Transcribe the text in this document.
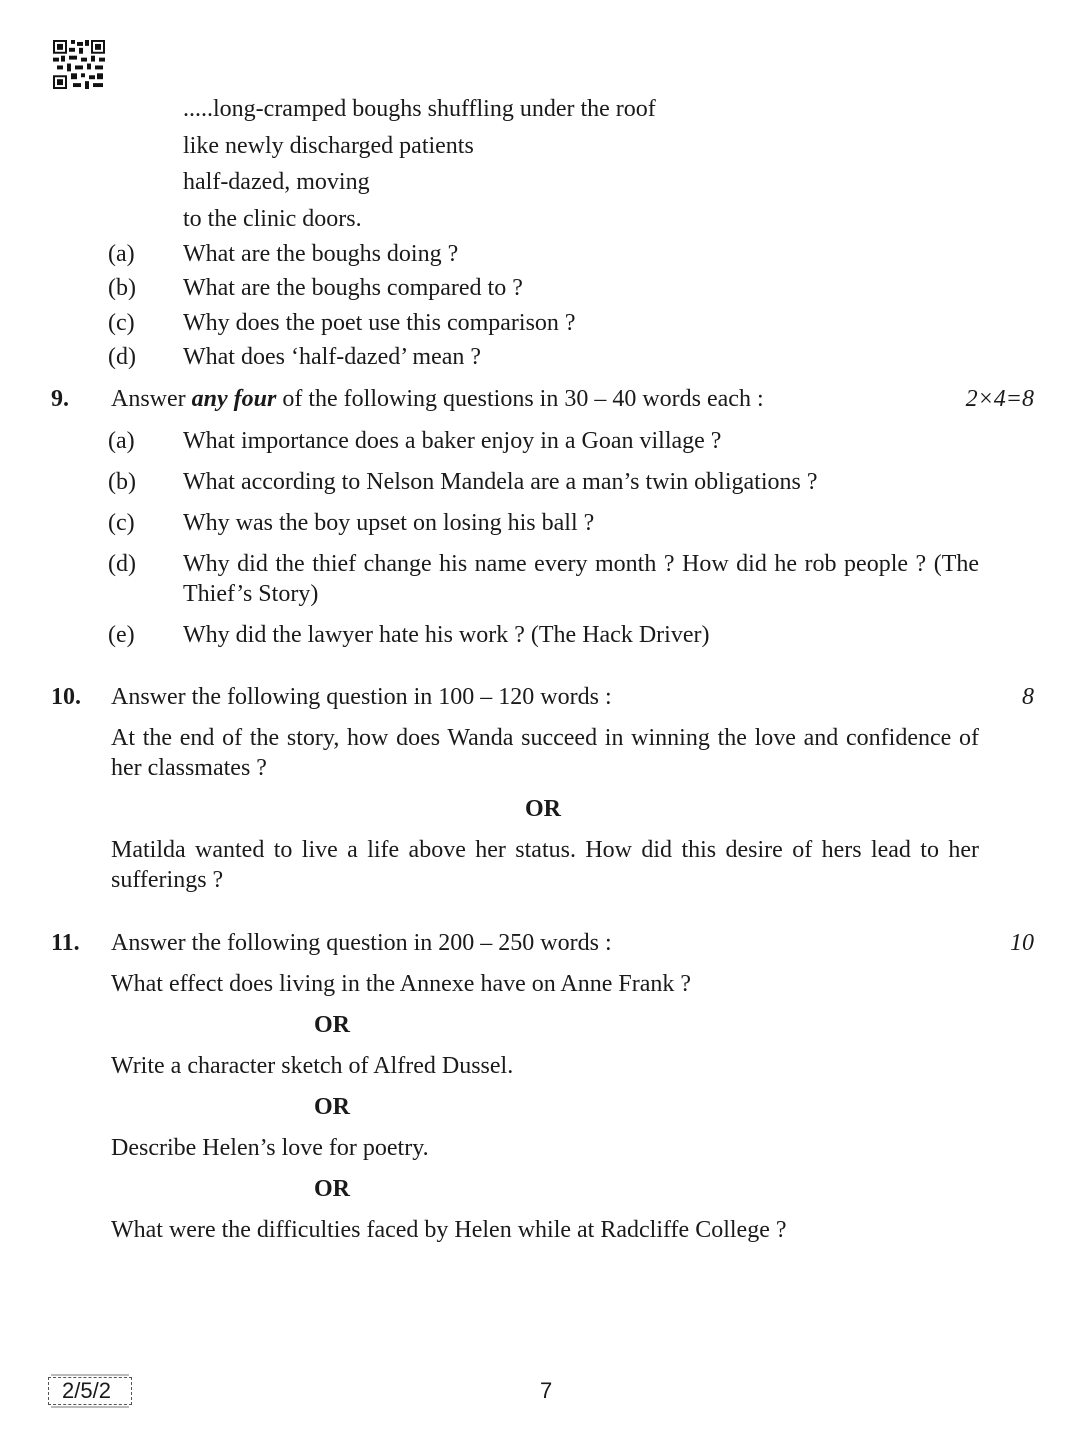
.....long-cramped boughs shuffling under the roof
like newly discharged patients
half-dazed, moving
to the clinic doors.
(a) What are the boughs doing ?
(b) What are the boughs compared to ?
(c) Why does the poet use this comparison ?
(d) What does ‘half-dazed’ mean ?
9. Answer any four of the following questions in 30 – 40 words each :	2×4=8
(a) What importance does a baker enjoy in a Goan village ?
(b) What according to Nelson Mandela are a man’s twin obligations ?
(c) Why was the boy upset on losing his ball ?
(d) Why did the thief change his name every month ? How did he rob people ? (The Thief’s Story)
(e) Why did the lawyer hate his work ? (The Hack Driver)
10. Answer the following question in 100 – 120 words :	8
At the end of the story, how does Wanda succeed in winning the love and confidence of her classmates ?
OR
Matilda wanted to live a life above her status. How did this desire of hers lead to her sufferings ?
11. Answer the following question in 200 – 250 words :	10
What effect does living in the Annexe have on Anne Frank ?
OR
Write a character sketch of Alfred Dussel.
OR
Describe Helen’s love for poetry.
OR
What were the difficulties faced by Helen while at Radcliffe College ?
2/5/2	7
